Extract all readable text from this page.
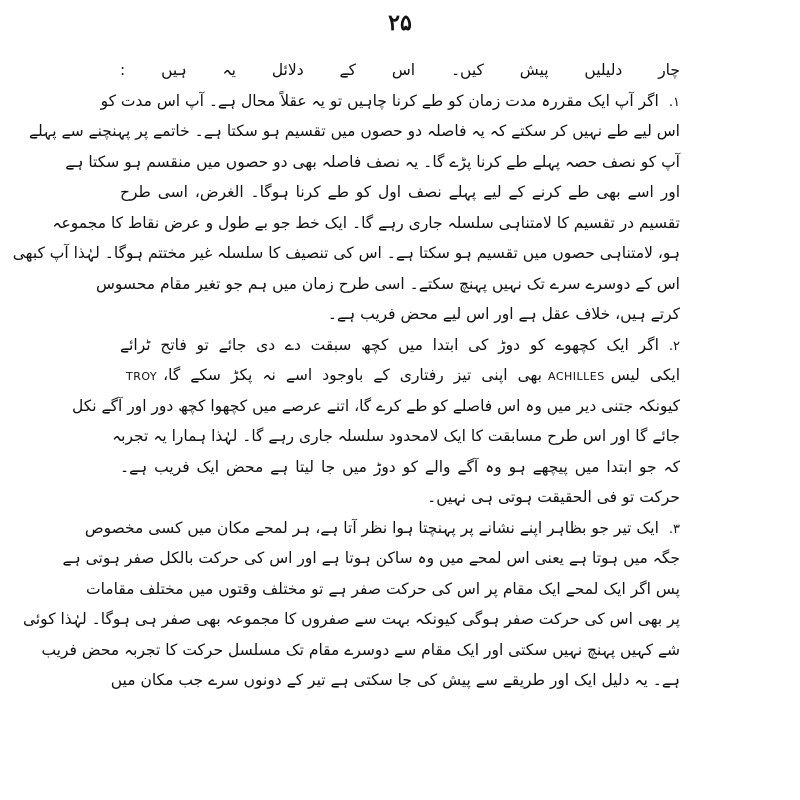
۲۵
چار دلیلیں پیش کیں۔ اس کے دلائل یہ ہیں :
۱.اگر آپ ایک مقررہ مدت زمان کو طے کرنا چاہیں تو یہ عقلاً محال ہے۔ آپ اس مدت کو
اس لیے طے نہیں کر سکتے کہ یہ فاصلہ دو حصوں میں تقسیم ہو سکتا ہے۔ خاتمے پر پہنچنے سے پہلے
آپ کو نصف حصہ پہلے طے کرنا پڑے گا۔ یہ نصف فاصلہ بھی دو حصوں میں منقسم ہو سکتا ہے
اور اسے بھی طے کرنے کے لیے پہلے نصف اول کو طے کرنا ہوگا۔ الغرض، اسی طرح
تقسیم در تقسیم کا لامتناہی سلسلہ جاری رہے گا۔ ایک خط جو بے طول و عرض نقاط کا مجموعہ
ہو، لامتناہی حصوں میں تقسیم ہو سکتا ہے۔ اس کی تنصیف کا سلسلہ غیر مختتم ہوگا۔ لہٰذا آپ کبھی
اس کے دوسرے سرے تک نہیں پہنچ سکتے۔ اسی طرح زمان میں ہم جو تغیر مقام محسوس
کرتے ہیں، خلاف عقل ہے اور اس لیے محض فریب ہے۔
۲.اگر ایک کچھوے کو دوڑ کی ابتدا میں کچھ سبقت دے دی جائے تو فاتح ٹرائے
ایکی لیسACHILLESبھی اپنی تیز رفتاری کے باوجود اسے نہ پکڑ سکے گا،TROY
کیونکہ جتنی دیر میں وہ اس فاصلے کو طے کرے گا، اتنے عرصے میں کچھوا کچھ دور اور آگے نکل
جائے گا اور اس طرح مسابقت کا ایک لامحدود سلسلہ جاری رہے گا۔ لہٰذا ہمارا یہ تجربہ
کہ جو ابتدا میں پیچھے ہو وہ آگے والے کو دوڑ میں جا لیتا ہے محض ایک فریب ہے۔
حرکت تو فی الحقیقت ہوتی ہی نہیں۔
۳.ایک تیر جو بظاہر اپنے نشانے پر پہنچتا ہوا نظر آتا ہے، ہر لمحے مکان میں کسی مخصوص
جگہ میں ہوتا ہے یعنی اس لمحے میں وہ ساکن ہوتا ہے اور اس کی حرکت بالکل صفر ہوتی ہے
پس اگر ایک لمحے ایک مقام پر اس کی حرکت صفر ہے تو مختلف وقتوں میں مختلف مقامات
پر بھی اس کی حرکت صفر ہوگی کیونکہ بہت سے صفروں کا مجموعہ بھی صفر ہی ہوگا۔ لہٰذا کوئی
شے کہیں پہنچ نہیں سکتی اور ایک مقام سے دوسرے مقام تک مسلسل حرکت کا تجربہ محض فریب
ہے۔ یہ دلیل ایک اور طریقے سے پیش کی جا سکتی ہے تیر کے دونوں سرے جب مکان میں
